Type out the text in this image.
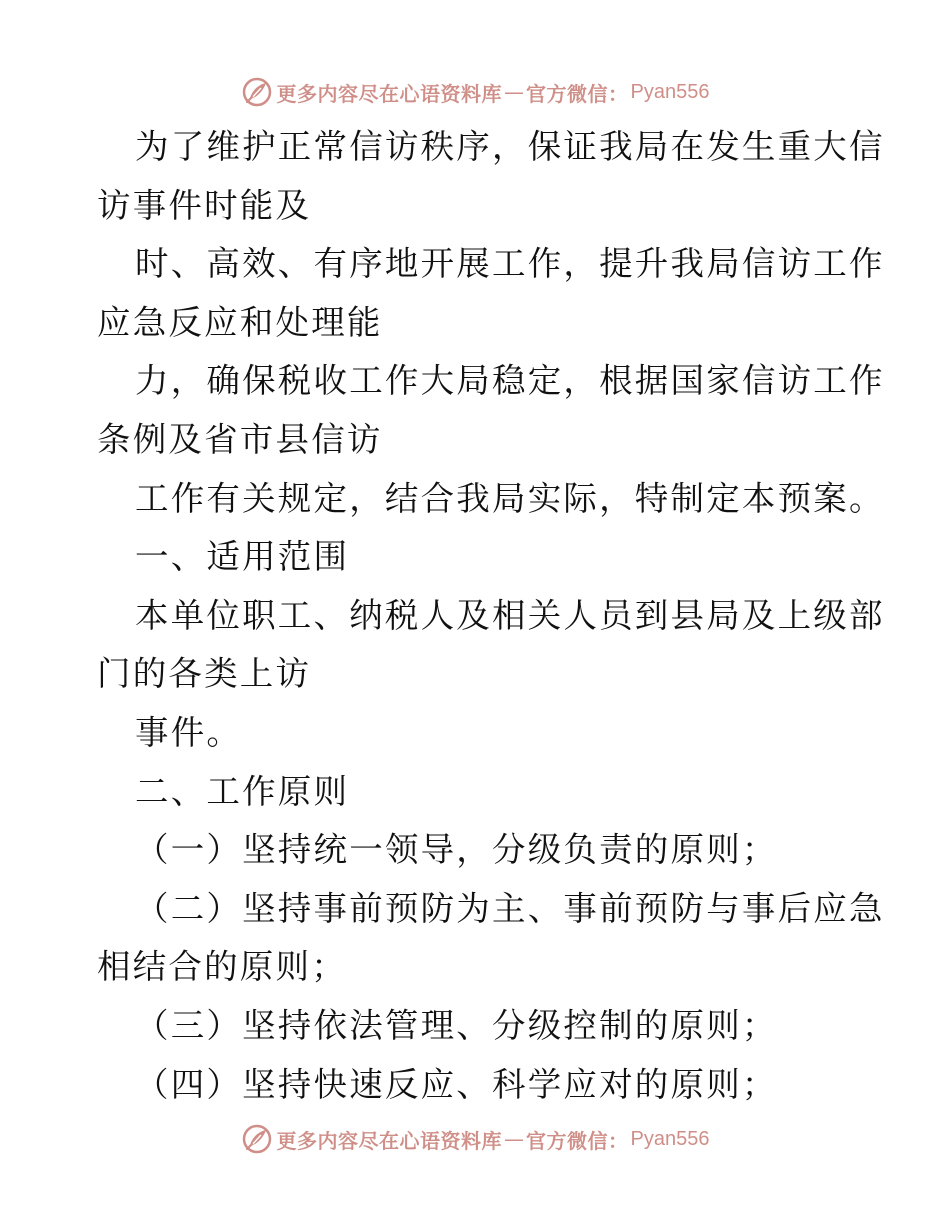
更多内容尽在心语资料库 — 官方微信： Pyan556

为了维护正常信访秩序，保证我局在发生重大信

访事件时能及

时、高效、有序地开展工作，提升我局信访工作

应急反应和处理能

力，确保税收工作大局稳定，根据国家信访工作

条例及省市县信访

工作有关规定，结合我局实际，特制定本预案。

一、适用范围

本单位职工、纳税人及相关人员到县局及上级部

门的各类上访

事件。

二、工作原则

（一）坚持统一领导，分级负责的原则；

（二）坚持事前预防为主、事前预防与事后应急

相结合的原则；

（三）坚持依法管理、分级控制的原则；

（四）坚持快速反应、科学应对的原则；

更多内容尽在心语资料库 — 官方微信： Pyan556
